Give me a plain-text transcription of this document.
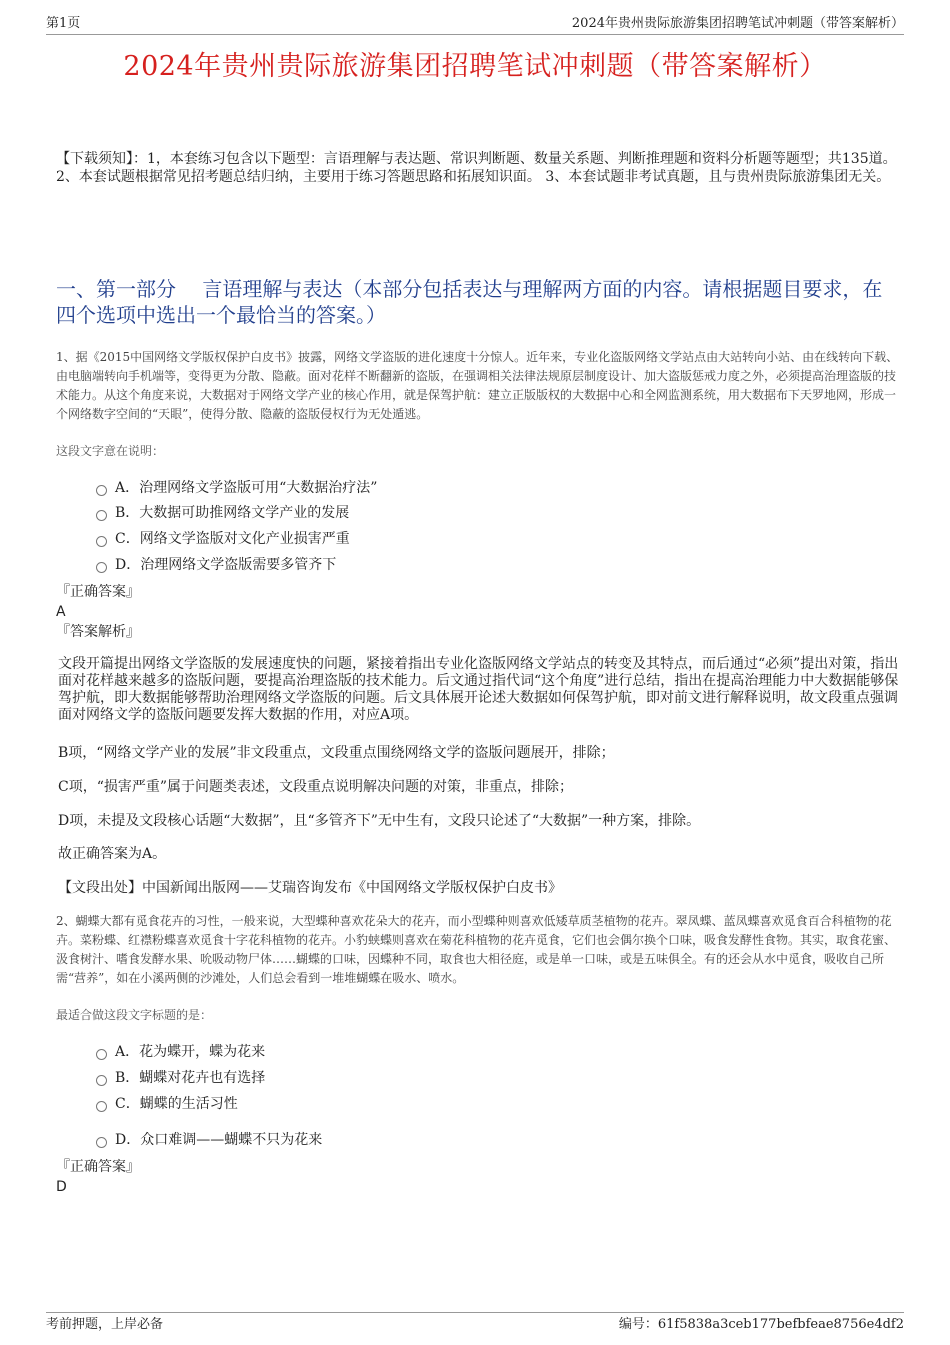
第1页	2024年贵州贵际旅游集团招聘笔试冲刺题（带答案解析）
2024年贵州贵际旅游集团招聘笔试冲刺题（带答案解析）
【下载须知】：1，本套练习包含以下题型：言语理解与表达题、常识判断题、数量关系题、判断推理题和资料分析题等题型；共135道。 2、本套试题根据常见招考题总结归纳，主要用于练习答题思路和拓展知识面。 3、本套试题非考试真题，且与贵州贵际旅游集团无关。
一、第一部分　 言语理解与表达（本部分包括表达与理解两方面的内容。请根据题目要求，在四个选项中选出一个最恰当的答案。）
1、据《2015中国网络文学版权保护白皮书》披露，网络文学盗版的进化速度十分惊人。近年来，专业化盗版网络文学站点由大站转向小站、由在线转向下载、由电脑端转向手机端等，变得更为分散、隐蔽。面对花样不断翻新的盗版，在强调相关法律法规原层制度设计、加大盗版惩戒力度之外，必须提高治理盗版的技术能力。从这个角度来说，大数据对于网络文学产业的核心作用，就是保驾护航：建立正版版权的大数据中心和全网监测系统，用大数据布下天罗地网，形成一个网络数字空间的“天眼”，使得分散、隐蔽的盗版侵权行为无处遁逃。
这段文字意在说明：
A．治理网络文学盗版可用“大数据治疗法”
B．大数据可助推网络文学产业的发展
C．网络文学盗版对文化产业损害严重
D．治理网络文学盗版需要多管齐下
『正确答案』
A
『答案解析』
文段开篇提出网络文学盗版的发展速度快的问题，紧接着指出专业化盗版网络文学站点的转变及其特点，而后通过“必须”提出对策，指出面对花样越来越多的盗版问题，要提高治理盗版的技术能力。后文通过指代词“这个角度”进行总结，指出在提高治理能力中大数据能够保驾护航，即大数据能够帮助治理网络文学盗版的问题。后文具体展开论述大数据如何保驾护航，即对前文进行解释说明，故文段重点强调面对网络文学的盗版问题要发挥大数据的作用，对应A项。
B项，“网络文学产业的发展”非文段重点，文段重点围绕网络文学的盗版问题展开，排除；
C项，“损害严重”属于问题类表述，文段重点说明解决问题的对策，非重点，排除；
D项，未提及文段核心话题“大数据”，且“多管齐下”无中生有，文段只论述了“大数据”一种方案，排除。
故正确答案为A。
【文段出处】中国新闻出版网——艾瑞咨询发布《中国网络文学版权保护白皮书》
2、蝴蝶大都有觅食花卉的习性，一般来说，大型蝶种喜欢花朵大的花卉，而小型蝶种则喜欢低矮草质茎植物的花卉。翠凤蝶、蓝凤蝶喜欢觅食百合科植物的花卉。菜粉蝶、红襟粉蝶喜欢觅食十字花科植物的花卉。小豹蛱蝶则喜欢在菊花科植物的花卉觅食，它们也会偶尔换个口味，吸食发酵性食物。其实，取食花蜜、汲食树汁、嗜食发酵水果、吮吸动物尸体……蝴蝶的口味，因蝶种不同，取食也大相径庭，或是单一口味，或是五味俱全。有的还会从水中觅食，吸收自己所需“营养”，如在小溪两侧的沙滩处，人们总会看到一堆堆蝴蝶在吸水、喷水。
最适合做这段文字标题的是：
A．花为蝶开，蝶为花来
B．蝴蝶对花卉也有选择
C．蝴蝶的生活习性
D．众口难调——蝴蝶不只为花来
『正确答案』
D
考前押题，上岸必备	编号：61f5838a3ceb177befbfeae8756e4df2
